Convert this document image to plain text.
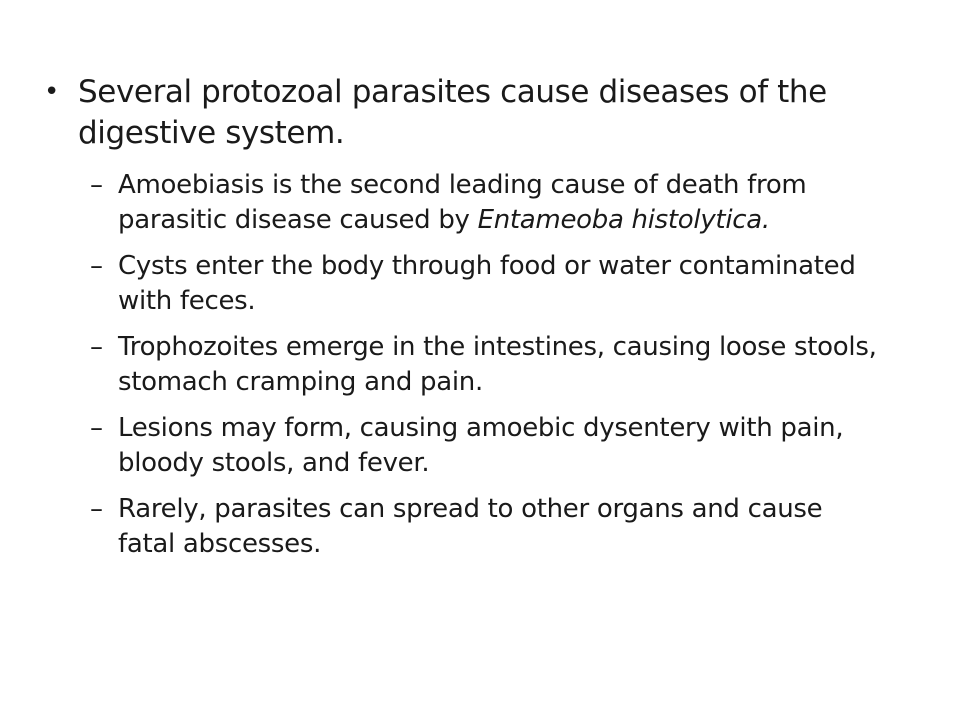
• Several protozoal parasites cause diseases of the digestive system.
– Amoebiasis is the second leading cause of death from parasitic disease caused by Entameoba histolytica.
– Cysts enter the body through food or water contaminated with feces.
– Trophozoites emerge in the intestines, causing loose stools, stomach cramping and pain.
– Lesions may form, causing amoebic dysentery with pain, bloody stools, and fever.
– Rarely, parasites can spread to other organs and cause fatal abscesses.
